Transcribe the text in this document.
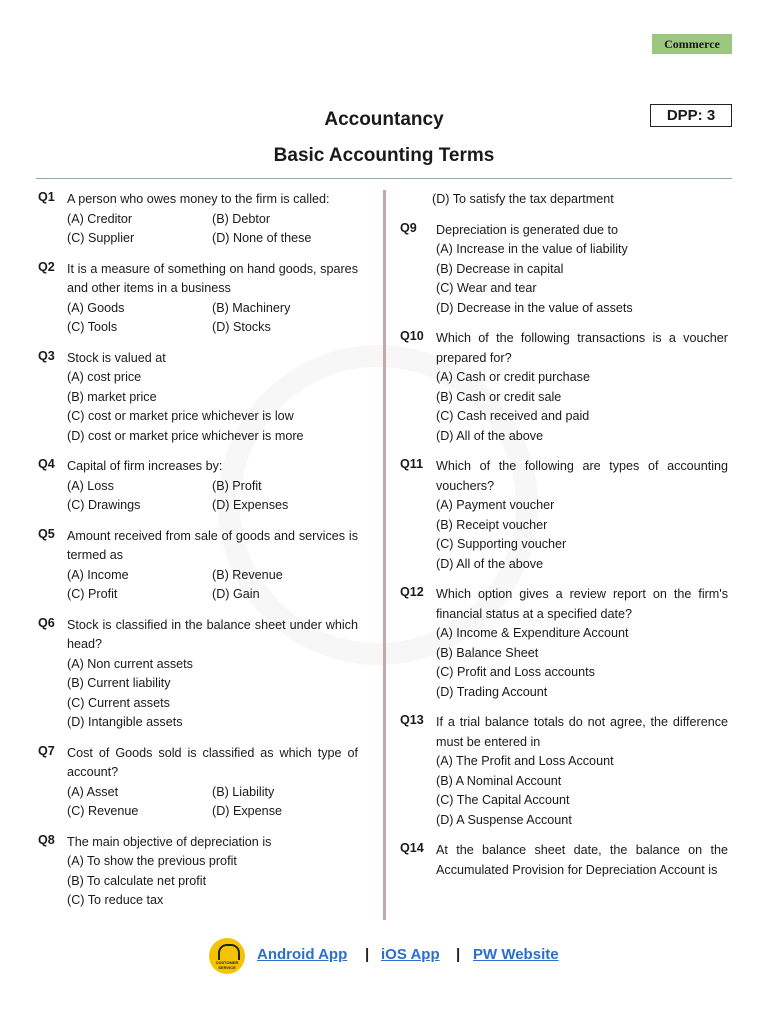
Commerce
Accountancy	DPP: 3
Basic Accounting Terms
Q1 A person who owes money to the firm is called:
(A) Creditor	(B) Debtor
(C) Supplier	(D) None of these
Q2 It is a measure of something on hand goods, spares and other items in a business
(A) Goods	(B) Machinery
(C) Tools	(D) Stocks
Q3 Stock is valued at
(A) cost price
(B) market price
(C) cost or market price whichever is low
(D) cost or market price whichever is more
Q4 Capital of firm increases by:
(A) Loss	(B) Profit
(C) Drawings	(D) Expenses
Q5 Amount received from sale of goods and services is termed as
(A) Income	(B) Revenue
(C) Profit	(D) Gain
Q6 Stock is classified in the balance sheet under which head?
(A) Non current assets
(B) Current liability
(C) Current assets
(D) Intangible assets
Q7 Cost of Goods sold is classified as which type of account?
(A) Asset	(B) Liability
(C) Revenue	(D) Expense
Q8 The main objective of depreciation is
(A) To show the previous profit
(B) To calculate net profit
(C) To reduce tax
(D) To satisfy the tax department
Q9	Depreciation is generated due to
(A) Increase in the value of liability
(B) Decrease in capital
(C) Wear and tear
(D) Decrease in the value of assets
Q10 Which of the following transactions is a voucher prepared for?
(A) Cash or credit purchase
(B) Cash or credit sale
(C) Cash received and paid
(D) All of the above
Q11	Which of the following are types of accounting vouchers?
(A) Payment voucher
(B) Receipt voucher
(C) Supporting voucher
(D) All of the above
Q12 Which option gives a review report on the firm's financial status at a specified date?
(A) Income & Expenditure Account
(B) Balance Sheet
(C) Profit and Loss accounts
(D) Trading Account
Q13 If a trial balance totals do not agree, the difference must be entered in
(A) The Profit and Loss Account
(B) A Nominal Account
(C) The Capital Account
(D) A Suspense Account
Q14 At the balance sheet date, the balance on the Accumulated Provision for Depreciation Account is
CUSTOMER SERVICE
Android App | iOS App | PW Website
